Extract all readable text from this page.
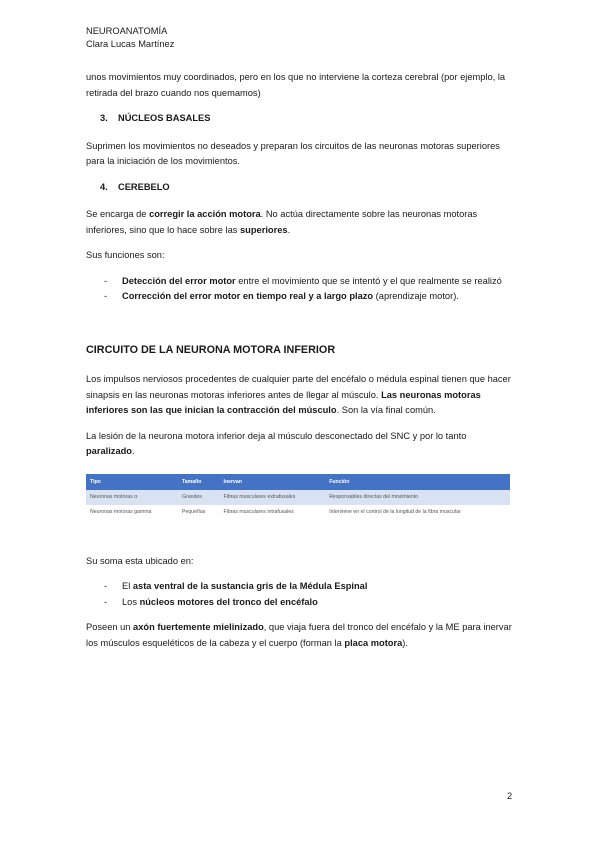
NEUROANATOMÍA
Clara Lucas Martínez

unos movimientos muy coordinados, pero en los que no interviene la corteza cerebral (por ejemplo, la retirada del brazo cuando nos quemamos)

3. NÚCLEOS BASALES

Suprimen los movimientos no deseados y preparan los circuitos de las neuronas motoras superiores para la iniciación de los movimientos.

4. CEREBELO

Se encarga de corregir la acción motora. No actúa directamente sobre las neuronas motoras inferiores, sino que lo hace sobre las superiores.

Sus funciones son:

- Detección del error motor entre el movimiento que se intentó y el que realmente se realizó
- Corrección del error motor en tiempo real y a largo plazo (aprendizaje motor).
CIRCUITO DE LA NEURONA MOTORA INFERIOR

Los impulsos nerviosos procedentes de cualquier parte del encéfalo o médula espinal tienen que hacer sinapsis en las neuronas motoras inferiores antes de llegar al músculo. Las neuronas motoras inferiores son las que inician la contracción del músculo. Son la vía final común.

La lesión de la neurona motora inferior deja al músculo desconectado del SNC y por lo tanto paralizado.

Tipo	Tamaño	Inervan	Función
Neuronas motoras α	Grandes	Fibras musculares extrafusales	Responsables directas del movimiento
Neuronas motoras gamma	Pequeñas	Fibras musculares intrafusales	Interviene en el control de la longitud de la fibra muscular

Su soma esta ubicado en:

- El asta ventral de la sustancia gris de la Médula Espinal
- Los núcleos motores del tronco del encéfalo

Poseen un axón fuertemente mielinizado, que viaja fuera del tronco del encéfalo y la ME para inervar los músculos esqueléticos de la cabeza y el cuerpo (forman la placa motora).

2
